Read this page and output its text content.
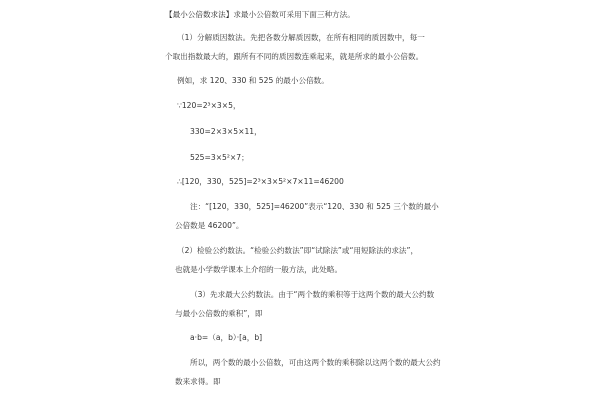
【最小公倍数求法】求最小公倍数可采用下面三种方法。
（1）分解质因数法。先把各数分解质因数，在所有相同的质因数中，每一
个取出指数最大的，跟所有不同的质因数连乘起来，就是所求的最小公倍数。
例如，求 120、330 和 525 的最小公倍数。
∵120=2³×3×5，
330=2×3×5×11，
525=3×5²×7；
∴[120，330，525]=2³×3×5²×7×11=46200
注：“[120，330，525]=46200”表示“120、330 和 525 三个数的最小
公倍数是 46200”。
（2）检验公约数法。“检验公约数法”即“试除法”或“用短除法的求法”，
也就是小学数学课本上介绍的一般方法，此处略。
（3）先求最大公约数法。由于“两个数的乘积等于这两个数的最大公约数
与最小公倍数的乘积”，即
a·b=（a，b）·[a，b]
所以，两个数的最小公倍数，可由这两个数的乘积除以这两个数的最大公约
数来求得。即
